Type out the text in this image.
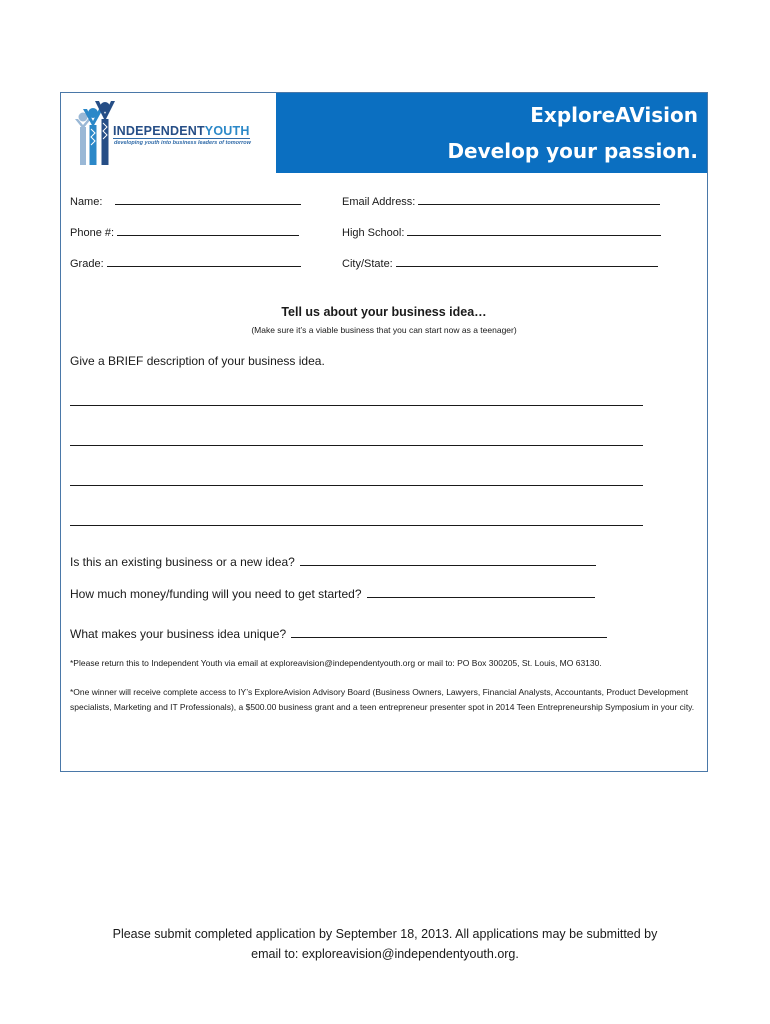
INDEPENDENTYOUTH
developing youth into business leaders of tomorrow
ExploreAVision
Develop your passion.
Name:	Email Address:
Phone #:	High School:
Grade:	City/State:
Tell us about your business idea…
(Make sure it’s a viable business that you can start now as a teenager)
Give a BRIEF description of your business idea.
Is this an existing business or a new idea?
How much money/funding will you need to get started?
What makes your business idea unique?
*Please return this to Independent Youth via email at exploreavision@independentyouth.org or mail to: PO Box 300205, St. Louis, MO 63130.
*One winner will receive complete access to IY’s ExploreAvision Advisory Board (Business Owners, Lawyers, Financial Analysts, Accountants, Product Development specialists, Marketing and IT Professionals), a $500.00 business grant and a teen entrepreneur presenter spot in 2014 Teen Entrepreneurship Symposium in your city.
Please submit completed application by September 18, 2013. All applications may be submitted by
email to: exploreavision@independentyouth.org.
